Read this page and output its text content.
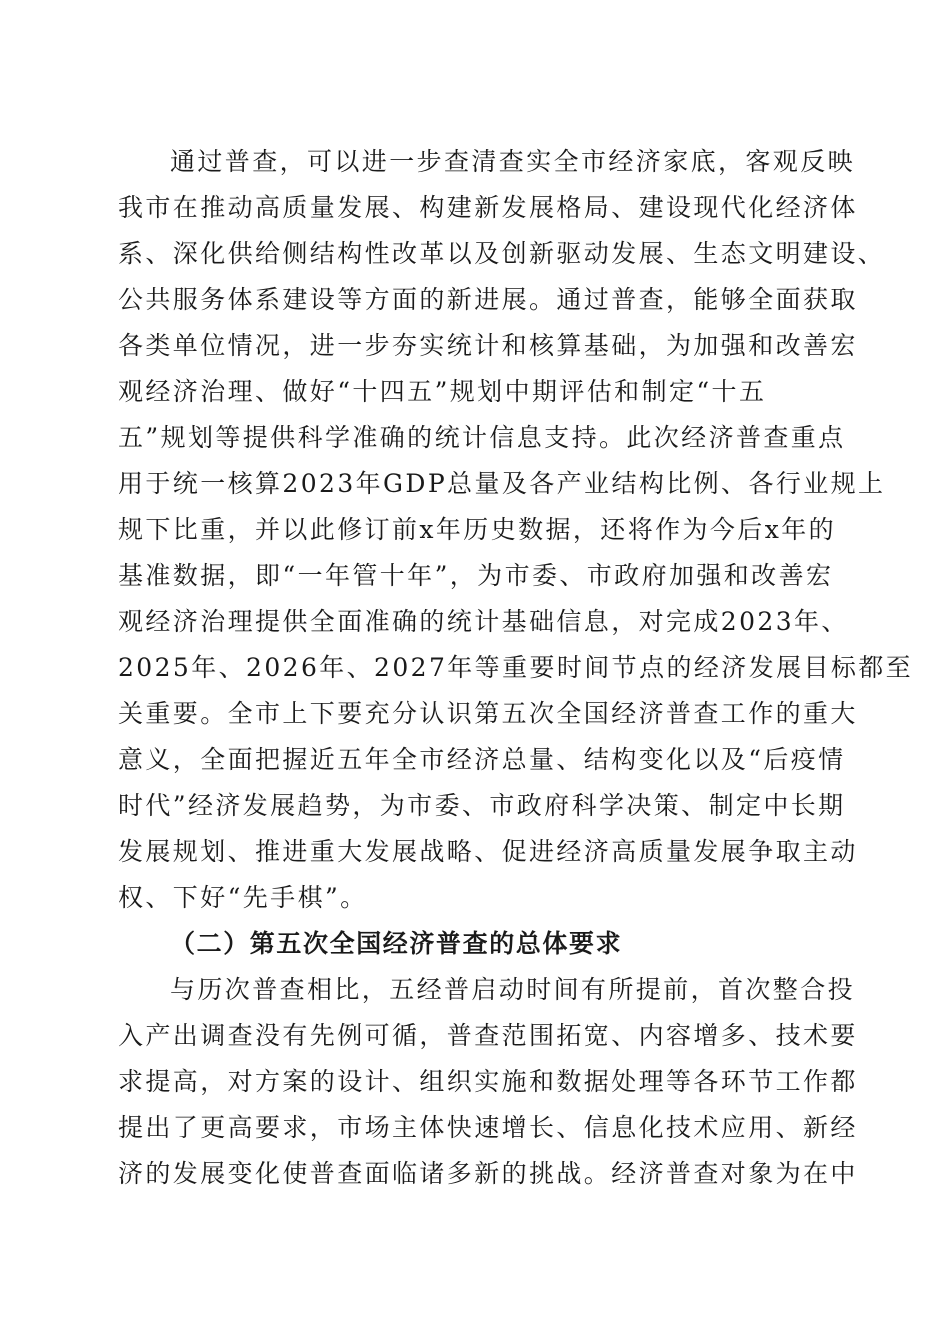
通过普查，可以进一步查清查实全市经济家底，客观反映
我市在推动高质量发展、构建新发展格局、建设现代化经济体
系、深化供给侧结构性改革以及创新驱动发展、生态文明建设、
公共服务体系建设等方面的新进展。通过普查，能够全面获取
各类单位情况，进一步夯实统计和核算基础，为加强和改善宏
观经济治理、做好“十四五”规划中期评估和制定“十五
五”规划等提供科学准确的统计信息支持。此次经济普查重点
用于统一核算2023年GDP总量及各产业结构比例、各行业规上
规下比重，并以此修订前x年历史数据，还将作为今后x年的
基准数据，即“一年管十年”，为市委、市政府加强和改善宏
观经济治理提供全面准确的统计基础信息，对完成2023年、
2025年、2026年、2027年等重要时间节点的经济发展目标都至
关重要。全市上下要充分认识第五次全国经济普查工作的重大
意义，全面把握近五年全市经济总量、结构变化以及“后疫情
时代”经济发展趋势，为市委、市政府科学决策、制定中长期
发展规划、推进重大发展战略、促进经济高质量发展争取主动
权、下好“先手棋”。
（二）第五次全国经济普查的总体要求
与历次普查相比，五经普启动时间有所提前，首次整合投
入产出调查没有先例可循，普查范围拓宽、内容增多、技术要
求提高，对方案的设计、组织实施和数据处理等各环节工作都
提出了更高要求，市场主体快速增长、信息化技术应用、新经
济的发展变化使普查面临诸多新的挑战。经济普查对象为在中
